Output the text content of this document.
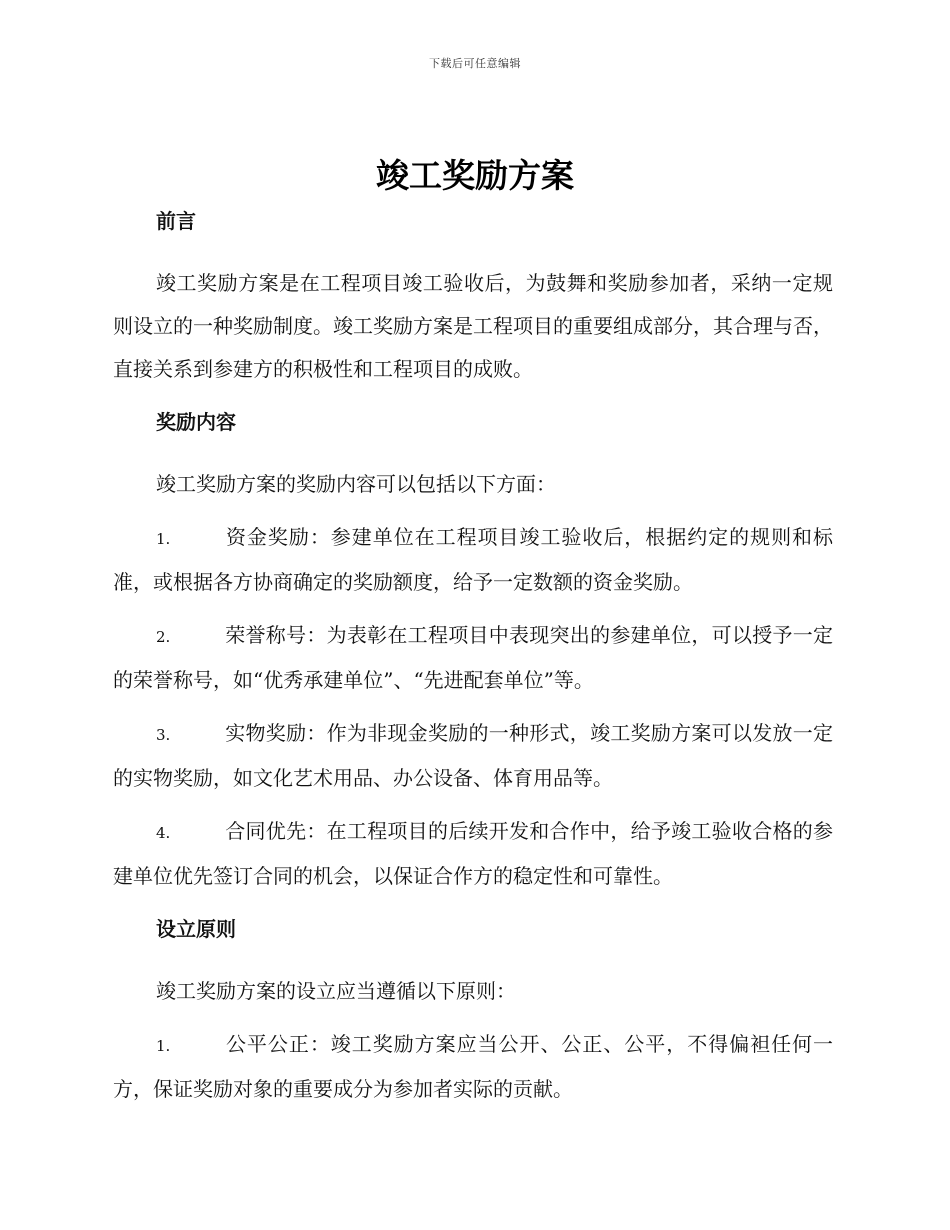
下载后可任意编辑
竣工奖励方案
前言

竣工奖励方案是在工程项目竣工验收后，为鼓舞和奖励参加者，采纳一定规则设立的一种奖励制度。竣工奖励方案是工程项目的重要组成部分，其合理与否，直接关系到参建方的积极性和工程项目的成败。

奖励内容

竣工奖励方案的奖励内容可以包括以下方面：

1.	资金奖励：参建单位在工程项目竣工验收后，根据约定的规则和标准，或根据各方协商确定的奖励额度，给予一定数额的资金奖励。

2.	荣誉称号：为表彰在工程项目中表现突出的参建单位，可以授予一定的荣誉称号，如“优秀承建单位”、“先进配套单位”等。

3.	实物奖励：作为非现金奖励的一种形式，竣工奖励方案可以发放一定的实物奖励，如文化艺术用品、办公设备、体育用品等。

4.	合同优先：在工程项目的后续开发和合作中，给予竣工验收合格的参建单位优先签订合同的机会，以保证合作方的稳定性和可靠性。

设立原则

竣工奖励方案的设立应当遵循以下原则：

1.	公平公正：竣工奖励方案应当公开、公正、公平，不得偏袒任何一方，保证奖励对象的重要成分为参加者实际的贡献。
